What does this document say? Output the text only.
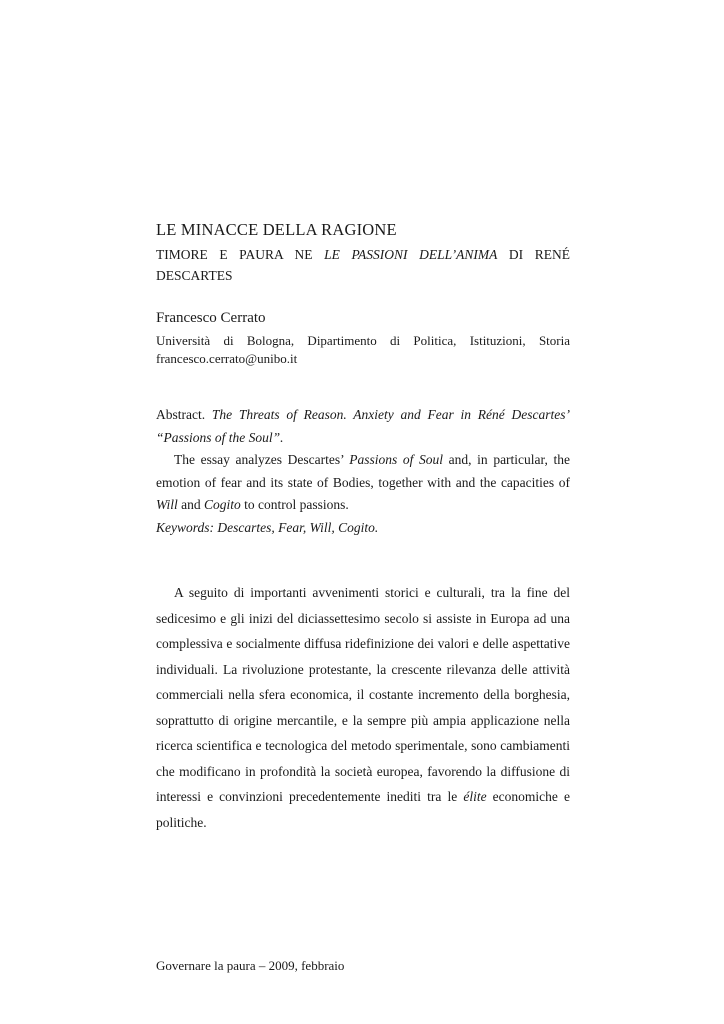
LE MINACCE DELLA RAGIONE

TIMORE E PAURA NE LE PASSIONI DELL’ANIMA DI RENÉ DESCARTES

Francesco Cerrato

Università di Bologna, Dipartimento di Politica, Istituzioni, Storia
francesco.cerrato@unibo.it

Abstract. The Threats of Reason. Anxiety and Fear in Réné Descartes’ “Passions of the Soul”.

The essay analyzes Descartes’ Passions of Soul and, in particular, the emotion of fear and its state of Bodies, together with and the capacities of Will and Cogito to control passions.

Keywords: Descartes, Fear, Will, Cogito.

A seguito di importanti avvenimenti storici e culturali, tra la fine del sedicesimo e gli inizi del diciassettesimo secolo si assiste in Europa ad una complessiva e socialmente diffusa ridefinizione dei valori e delle aspettative individuali. La rivoluzione protestante, la crescente rilevanza delle attività commerciali nella sfera economica, il costante incremento della borghesia, soprattutto di origine mercantile, e la sempre più ampia applicazione nella ricerca scientifica e tecnologica del metodo sperimentale, sono cambiamenti che modificano in profondità la società europea, favorendo la diffusione di interessi e convinzioni precedentemente inediti tra le élite economiche e politiche.

Governare la paura – 2009, febbraio
